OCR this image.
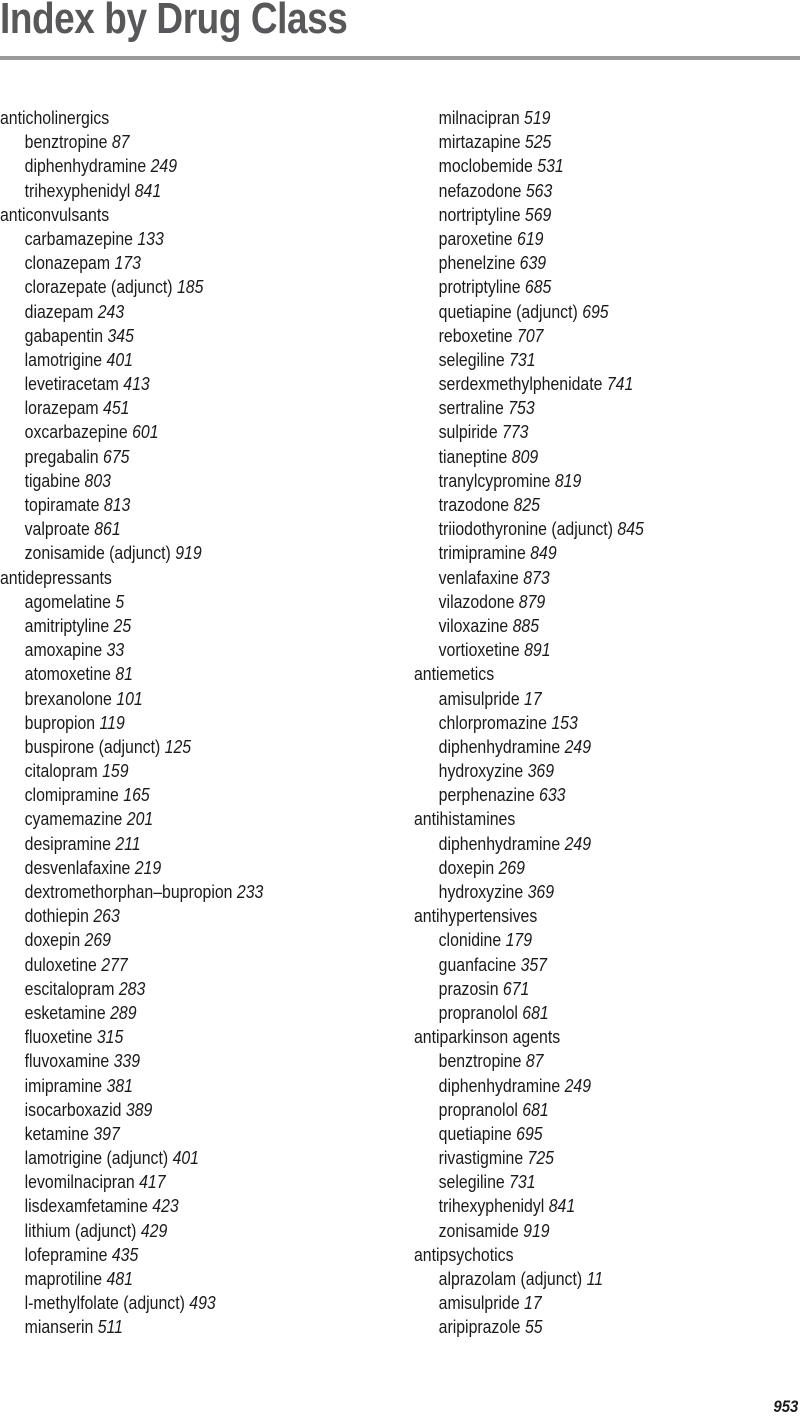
Index by Drug Class
anticholinergics
benztropine 87
diphenhydramine 249
trihexyphenidyl 841
anticonvulsants
carbamazepine 133
clonazepam 173
clorazepate (adjunct) 185
diazepam 243
gabapentin 345
lamotrigine 401
levetiracetam 413
lorazepam 451
oxcarbazepine 601
pregabalin 675
tigabine 803
topiramate 813
valproate 861
zonisamide (adjunct) 919
antidepressants
agomelatine 5
amitriptyline 25
amoxapine 33
atomoxetine 81
brexanolone 101
bupropion 119
buspirone (adjunct) 125
citalopram 159
clomipramine 165
cyamemazine 201
desipramine 211
desvenlafaxine 219
dextromethorphan–bupropion 233
dothiepin 263
doxepin 269
duloxetine 277
escitalopram 283
esketamine 289
fluoxetine 315
fluvoxamine 339
imipramine 381
isocarboxazid 389
ketamine 397
lamotrigine (adjunct) 401
levomilnacipran 417
lisdexamfetamine 423
lithium (adjunct) 429
lofepramine 435
maprotiline 481
l-methylfolate (adjunct) 493
mianserin 511
milnacipran 519
mirtazapine 525
moclobemide 531
nefazodone 563
nortriptyline 569
paroxetine 619
phenelzine 639
protriptyline 685
quetiapine (adjunct) 695
reboxetine 707
selegiline 731
serdexmethylphenidate 741
sertraline 753
sulpiride 773
tianeptine 809
tranylcypromine 819
trazodone 825
triiodothyronine (adjunct) 845
trimipramine 849
venlafaxine 873
vilazodone 879
viloxazine 885
vortioxetine 891
antiemetics
amisulpride 17
chlorpromazine 153
diphenhydramine 249
hydroxyzine 369
perphenazine 633
antihistamines
diphenhydramine 249
doxepin 269
hydroxyzine 369
antihypertensives
clonidine 179
guanfacine 357
prazosin 671
propranolol 681
antiparkinson agents
benztropine 87
diphenhydramine 249
propranolol 681
quetiapine 695
rivastigmine 725
selegiline 731
trihexyphenidyl 841
zonisamide 919
antipsychotics
alprazolam (adjunct) 11
amisulpride 17
aripiprazole 55
953
